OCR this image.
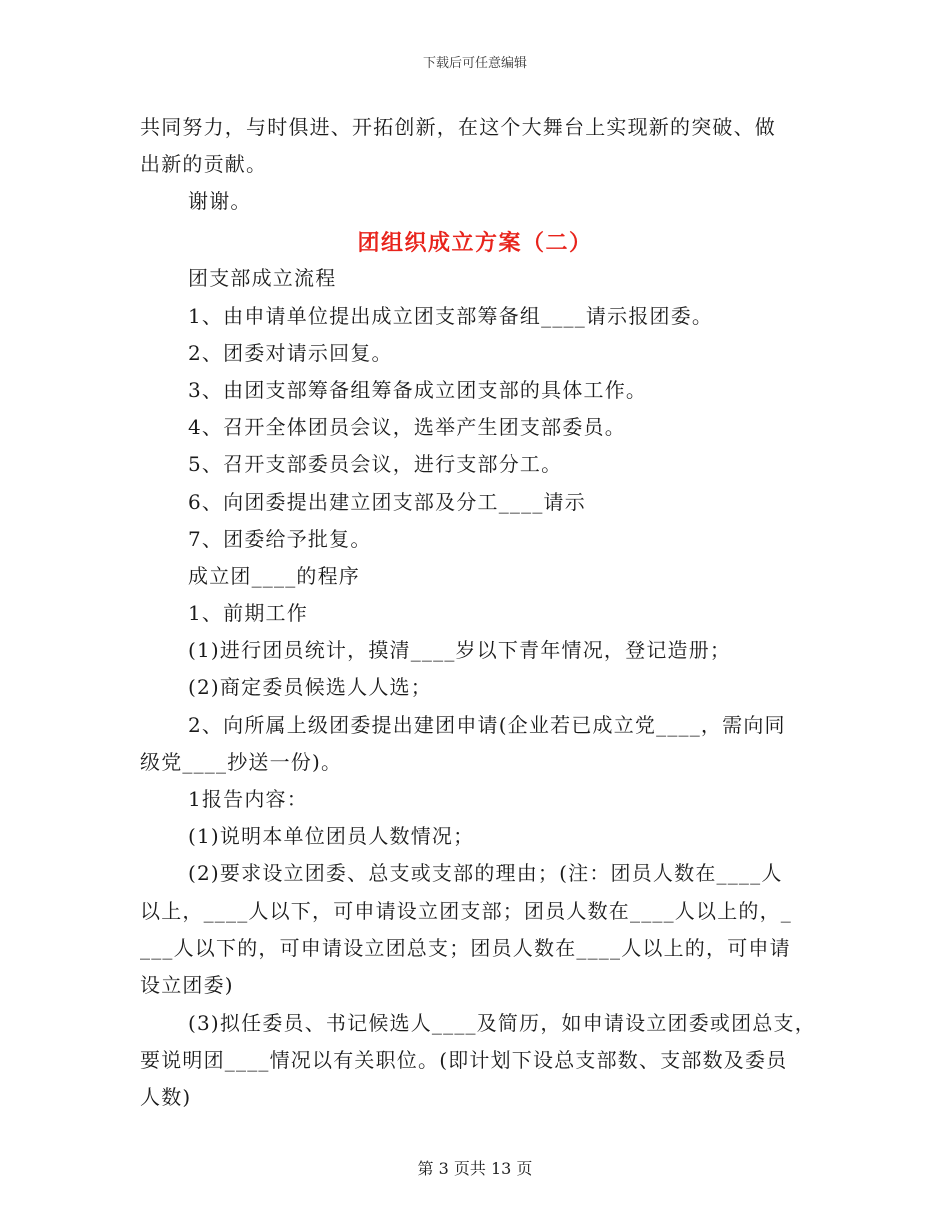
下载后可任意编辑
共同努力，与时俱进、开拓创新，在这个大舞台上实现新的突破、做
出新的贡献。
谢谢。
团组织成立方案（二）
团支部成立流程
1、由申请单位提出成立团支部筹备组____请示报团委。
2、团委对请示回复。
3、由团支部筹备组筹备成立团支部的具体工作。
4、召开全体团员会议，选举产生团支部委员。
5、召开支部委员会议，进行支部分工。
6、向团委提出建立团支部及分工____请示
7、团委给予批复。
成立团____的程序
1、前期工作
(1)进行团员统计，摸清____岁以下青年情况，登记造册；
(2)商定委员候选人人选；
2、向所属上级团委提出建团申请(企业若已成立党____，需向同
级党____抄送一份)。
1报告内容：
(1)说明本单位团员人数情况；
(2)要求设立团委、总支或支部的理由；(注：团员人数在____人
以上，____人以下，可申请设立团支部；团员人数在____人以上的，_
___人以下的，可申请设立团总支；团员人数在____人以上的，可申请
设立团委)
(3)拟任委员、书记候选人____及简历，如申请设立团委或团总支，
要说明团____情况以有关职位。(即计划下设总支部数、支部数及委员
人数)
第 3 页共 13 页
